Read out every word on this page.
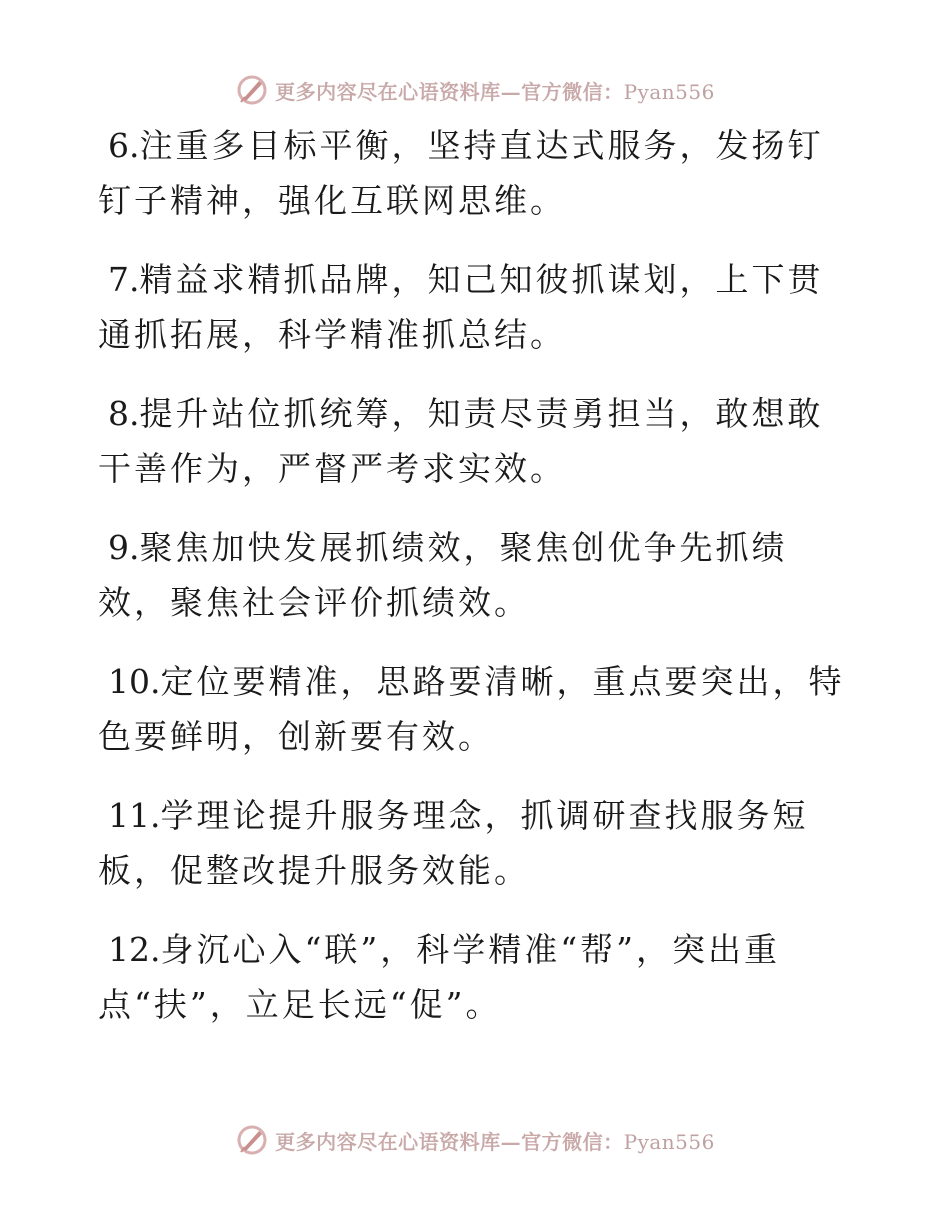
更多内容尽在心语资料库—官方微信：Pyan556

6.注重多目标平衡，坚持直达式服务，发扬钉钉子精神，强化互联网思维。

7.精益求精抓品牌，知己知彼抓谋划，上下贯通抓拓展，科学精准抓总结。

8.提升站位抓统筹，知责尽责勇担当，敢想敢干善作为，严督严考求实效。

9.聚焦加快发展抓绩效，聚焦创优争先抓绩效，聚焦社会评价抓绩效。

10.定位要精准，思路要清晰，重点要突出，特色要鲜明，创新要有效。

11.学理论提升服务理念，抓调研查找服务短板，促整改提升服务效能。

12.身沉心入“联”，科学精准“帮”，突出重点“扶”，立足长远“促”。

更多内容尽在心语资料库—官方微信：Pyan556
